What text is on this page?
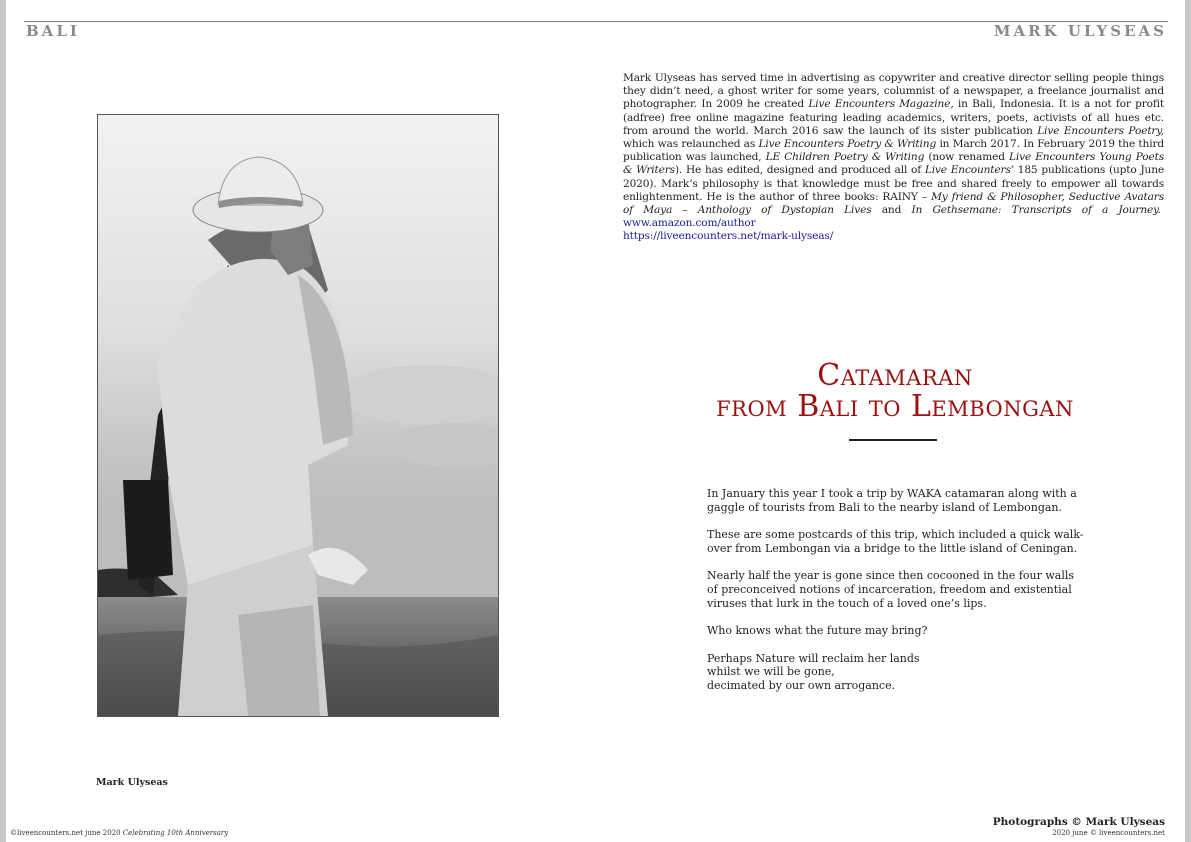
BALI	MARK ULYSEAS
Mark Ulyseas
Mark Ulyseas has served time in advertising as copywriter and creative director selling people things they didn’t need, a ghost writer for some years, columnist of a newspaper, a freelance journalist and photographer. In 2009 he created Live Encounters Magazine, in Bali, Indonesia. It is a not for profit (adfree) free online magazine featuring leading academics, writers, poets, activists of all hues etc. from around the world. March 2016 saw the launch of its sister publication Live Encounters Poetry, which was relaunched as Live Encounters Poetry & Writing in March 2017. In February 2019 the third publication was launched, LE Children Poetry & Writing (now renamed Live Encounters Young Poets & Writers). He has edited, designed and produced all of Live Encounters’ 185 publications (upto June 2020). Mark’s philosophy is that knowledge must be free and shared freely to empower all towards enlightenment. He is the author of three books: RAINY – My friend & Philosopher, Seductive Avatars of Maya – Anthology of Dystopian Lives and In Gethsemane: Transcripts of a Journey.  www.amazon.com/author
https://liveencounters.net/mark-ulyseas/
Catamaran
from Bali to Lembongan

In January this year I took a trip by WAKA catamaran along with a gaggle of tourists from Bali to the nearby island of Lembongan.

These are some postcards of this trip, which included a quick walk-over from Lembongan via a bridge to the little island of Ceningan.

Nearly half the year is gone since then cocooned in the four walls of preconceived notions of incarceration, freedom and existential viruses that lurk in the touch of a loved one’s lips.

Who knows what the future may bring?

Perhaps Nature will reclaim her lands
whilst we will be gone,
decimated by our own arrogance.

Photographs © Mark Ulyseas
©liveencounters.net june 2020 Celebrating 10th Anniversary	2020 june © liveencounters.net
